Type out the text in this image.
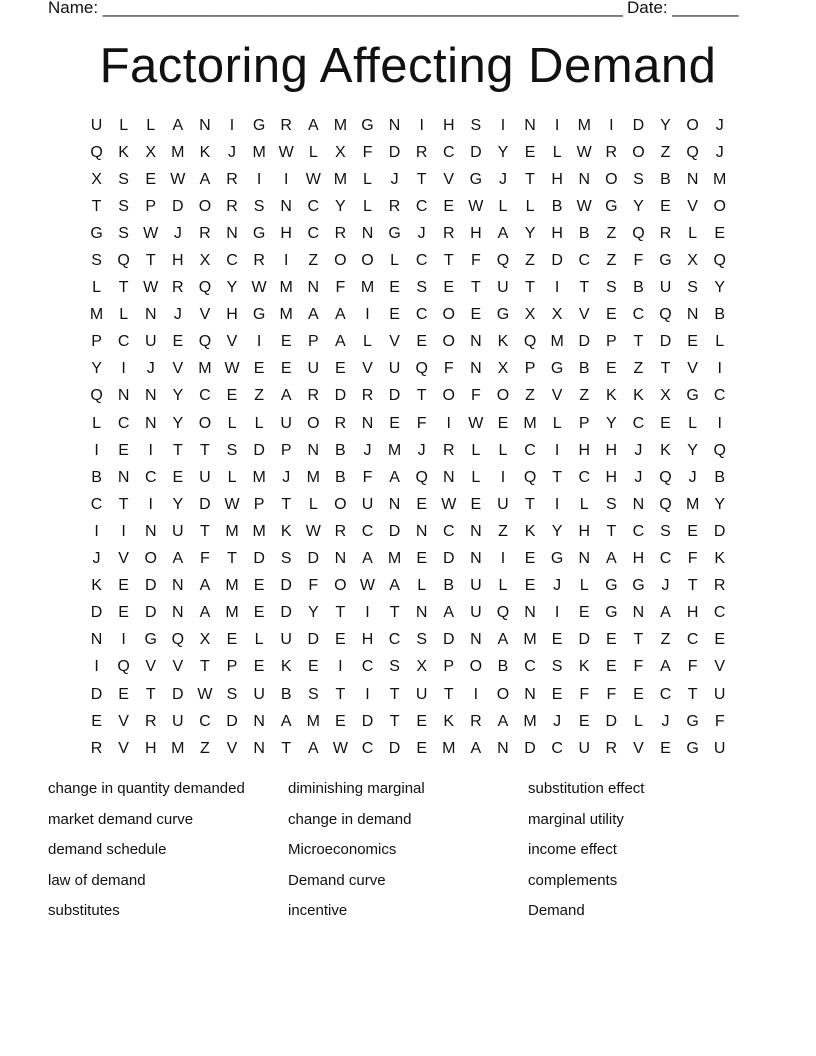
Name: _______________________________________________________ Date: _______
Factoring Affecting Demand
U	L	L	A N	I	G R A M G N	I	H S	I	N	I	M	I	D Y O	J
Q K	X M K	J	M W L	X	F	D R C D Y	E	L W R O Z Q	J
X	S	E W A R	I	I	W M L	J	T	V G	J	T	H N O S	B N M
T	S	P D O R S N C Y	L	R C E W L	L	B W G Y	E	V O
G S W J	R N G H C R N G	J	R H A	Y H B	Z Q R	L	E
S Q T	H X C R	I	Z O O	L	C	T	F Q Z	D C	Z	F G X Q
L	T W R Q Y W M N	F M E	S	E	T	U	T	I	T	S	B U S	Y
M L	N	J	V H G M A	A	I	E C O E G X	X	V	E C Q N B
P C U E Q V	I	E	P	A	L	V	E O N K Q M D P	T	D E	L
Y	I	J	V M W E	E U E	V U Q F	N X	P G B	E	Z	T	V	I
Q N N Y C E	Z	A R D R D	T O F O Z	V	Z	K	K	X G C
L	C N Y O	L	L	U O R N E	F	I	W E M L	P	Y C E	L	I
I	E	I	T	T	S D P N B	J	M	J	R	L	L	C	I	H H	J	K	Y Q
B N C E U	L M	J	M B	F	A Q N	L	I	Q T	C H	J	Q	J	B
C	T	I	Y D W P	T	L	O U N E W E U	T	I	L	S N Q M Y
I	I	N U	T M M K W R C D N C N	Z	K	Y H	T	C S	E D
J	V O A	F	T	D S D N A M E D N	I	E G N A H C	F	K
K	E D N A M E D	F O W A	L	B U	L	E	J	L	G G	J	T	R
D E D N A M E D Y	T	I	T	N A U Q N	I	E G N A H C
N	I	G Q X	E	L	U D E H C S D N A M E D E	T	Z	C E
I	Q V	V	T	P	E	K	E	I	C S	X	P O B C S	K	E	F	A	F	V
D E	T	D W S U B	S	T	I	T	U	T	I	O N E	F	F	E C	T	U
E	V R U C D N A M E D	T	E	K R A M	J	E D	L	J	G F
R V H M Z	V N	T	A W C D E M A N D C U R V	E G U
change in quantity demanded	diminishing marginal	substitution effect
market demand curve	change in demand	marginal utility
demand schedule	Microeconomics	income effect
law of demand	Demand curve	complements
substitutes	incentive	Demand
